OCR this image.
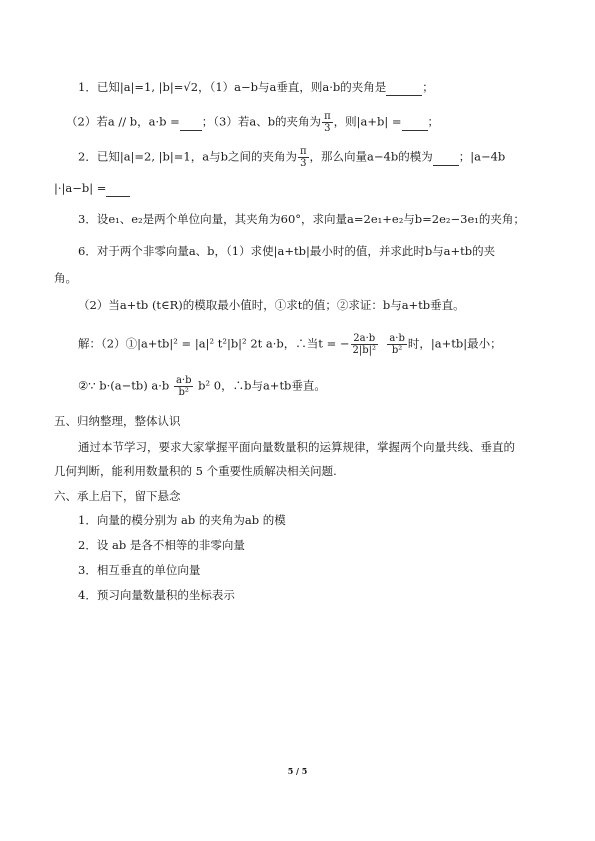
1．已知|a|=1, |b|=√2，（1）a−b与a垂直，则a·b的夹角是	；
（2）若a // b，a·b = ；（3）若a、b的夹角为 $\frac{\pi}{3}$ ，则|a+b| = ；
2．已知|a|=2, |b|=1，a与b之间的夹角为 $\frac{\pi}{3}$ ，那么向量a−4b的模为 ；|a−4b
|·|a−b| =
3．设e₁、e₂是两个单位向量，其夹角为60°，求向量a=2e₁+e₂与b=2e₂−3e₁的夹角；
6．对于两个非零向量a、b，（1）求使|a+tb|最小时的值，并求此时b与a+tb的夹
角。
（2）当a+tb (t∈R)的模取最小值时，①求t的值；②求证：b与a+tb垂直。
解：（2）①|a+tb|² = |a|² t²|b|² 2t a·b，∴当t = − $\frac{2a\cdot b}{\text{2|b|²}}$
$\frac{a\cdot b}{\text{b²}}$ 时，|a+tb|最小；
②∵ b·(a−tb) $a\cdot b \frac{a\cdot b}{\text{b²}} b^2$ 0，∴b与a+tb垂直。
五、归纳整理，整体认识
通过本节学习，要求大家掌握平面向量数量积的运算规律，掌握两个向量共线、垂直的
几何判断，能利用数量积的 5 个重要性质解决相关问题.
六、承上启下，留下悬念
1．向量的模分别为 ab 的夹角为ab 的模
2．设 ab 是各不相等的非零向量
3．相互垂直的单位向量
4．预习向量数量积的坐标表示
5 / 5
